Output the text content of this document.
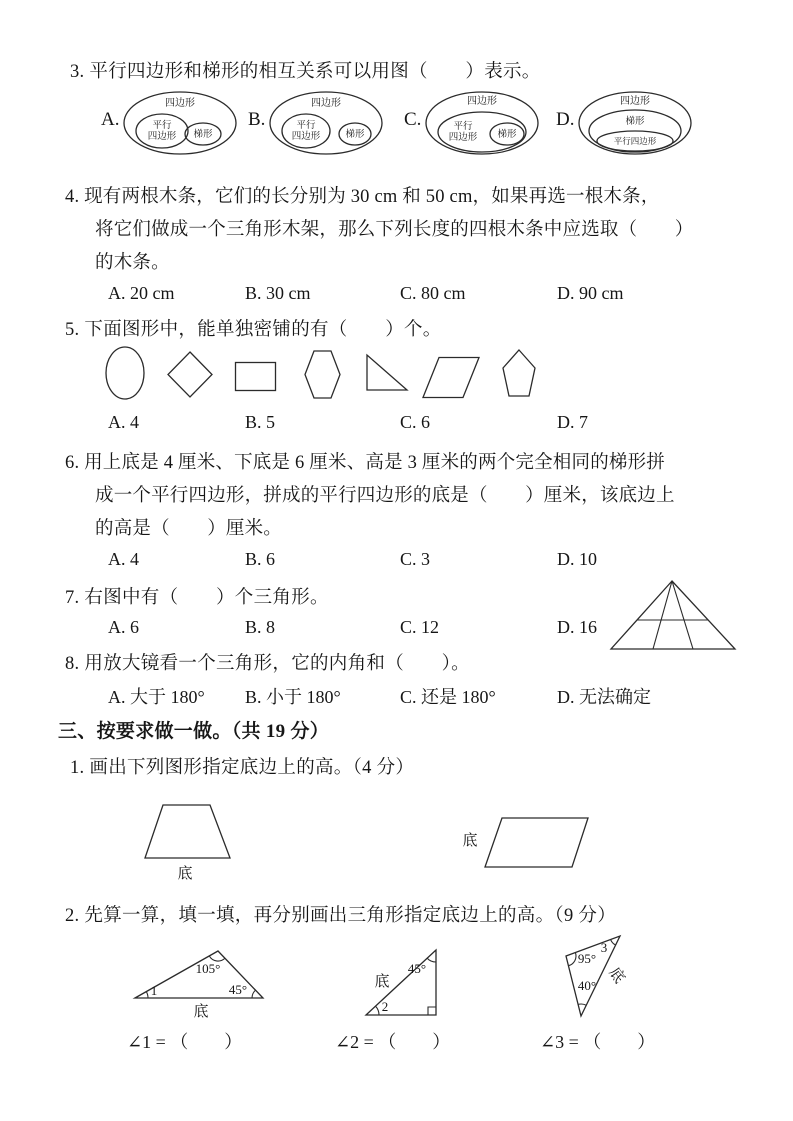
3. 平行四边形和梯形的相互关系可以用图（　　）表示。
A.
四边形
平行
四边形 梯形
B.
四边形
平行
四边形	梯形
C.
四边形
平行
四边形 梯形
D.
四边形
梯形
平行四边形
4. 现有两根木条，它们的长分别为 30 cm 和 50 cm，如果再选一根木条，
将它们做成一个三角形木架，那么下列长度的四根木条中应选取（　　）
的木条。
A. 20 cm	B. 30 cm	C. 80 cm	D. 90 cm
5. 下面图形中，能单独密铺的有（　　）个。
A. 4	B. 5	C. 6	D. 7
6. 用上底是 4 厘米、下底是 6 厘米、高是 3 厘米的两个完全相同的梯形拼
成一个平行四边形，拼成的平行四边形的底是（　　）厘米，该底边上
的高是（　　）厘米。
A. 4	B. 6	C. 3	D. 10
7. 右图中有（　　）个三角形。
A. 6	B. 8	C. 12	D. 16
8. 用放大镜看一个三角形，它的内角和（　　）。
A. 大于 180°	B. 小于 180°	C. 还是 180°	D. 无法确定
三、按要求做一做。（共 19 分）
1. 画出下列图形指定底边上的高。（4 分）
底
底
2. 先算一算，填一填，再分别画出三角形指定底边上的高。（9 分）
105°
45°
1
底
45°
2
底
95°
3
40° 底
∠1 = （　　）	∠2 = （　　）	∠3 = （　　）
